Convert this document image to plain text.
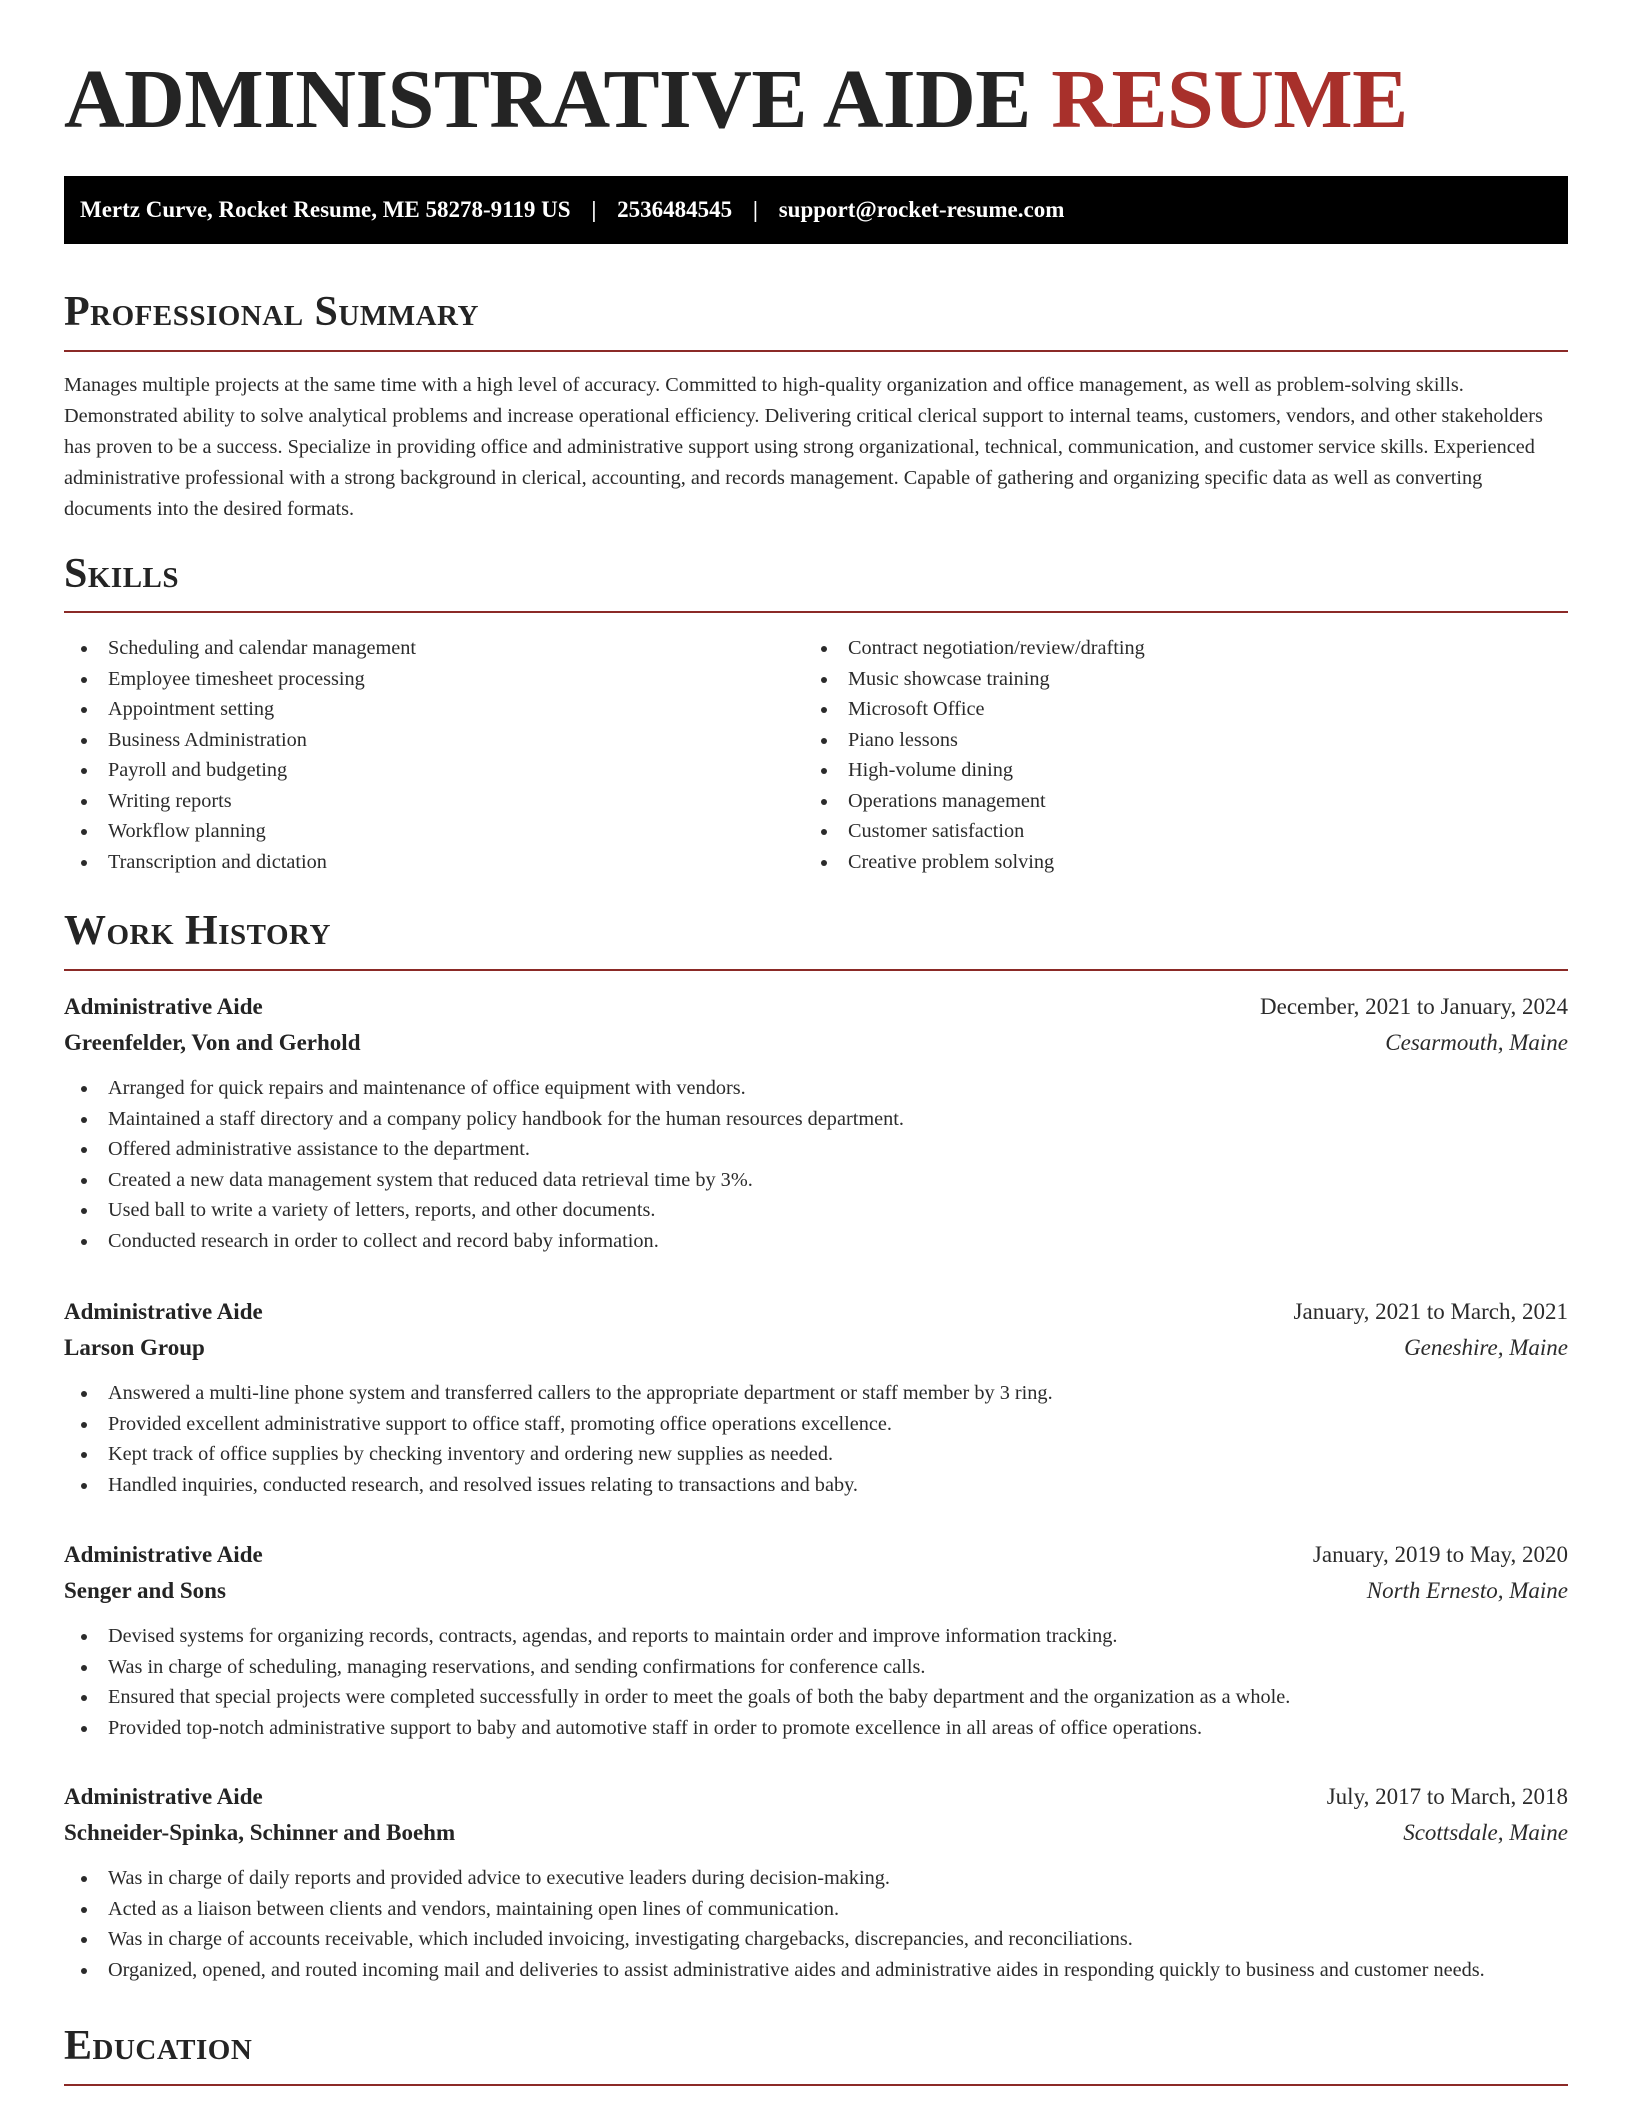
ADMINISTRATIVE AIDE RESUME
Mertz Curve, Rocket Resume, ME 58278-9119 US | 2536484545 | support@rocket-resume.com
Professional Summary

Manages multiple projects at the same time with a high level of accuracy. Committed to high-quality organization and office management, as well as problem-solving skills. Demonstrated ability to solve analytical problems and increase operational efficiency. Delivering critical clerical support to internal teams, customers, vendors, and other stakeholders has proven to be a success. Specialize in providing office and administrative support using strong organizational, technical, communication, and customer service skills. Experienced administrative professional with a strong background in clerical, accounting, and records management. Capable of gathering and organizing specific data as well as converting documents into the desired formats.

Skills
Scheduling and calendar management
Employee timesheet processing
Appointment setting
Business Administration
Payroll and budgeting
Writing reports
Workflow planning
Transcription and dictation
Contract negotiation/review/drafting
Music showcase training
Microsoft Office
Piano lessons
High-volume dining
Operations management
Customer satisfaction
Creative problem solving
Work History
Administrative Aide	December, 2021 to January, 2024
Greenfelder, Von and Gerhold	Cesarmouth, Maine
Arranged for quick repairs and maintenance of office equipment with vendors.
Maintained a staff directory and a company policy handbook for the human resources department.
Offered administrative assistance to the department.
Created a new data management system that reduced data retrieval time by 3%.
Used ball to write a variety of letters, reports, and other documents.
Conducted research in order to collect and record baby information.
Administrative Aide	January, 2021 to March, 2021
Larson Group	Geneshire, Maine
Answered a multi-line phone system and transferred callers to the appropriate department or staff member by 3 ring.
Provided excellent administrative support to office staff, promoting office operations excellence.
Kept track of office supplies by checking inventory and ordering new supplies as needed.
Handled inquiries, conducted research, and resolved issues relating to transactions and baby.
Administrative Aide	January, 2019 to May, 2020
Senger and Sons	North Ernesto, Maine
Devised systems for organizing records, contracts, agendas, and reports to maintain order and improve information tracking.
Was in charge of scheduling, managing reservations, and sending confirmations for conference calls.
Ensured that special projects were completed successfully in order to meet the goals of both the baby department and the organization as a whole.
Provided top-notch administrative support to baby and automotive staff in order to promote excellence in all areas of office operations.
Administrative Aide	July, 2017 to March, 2018
Schneider-Spinka, Schinner and Boehm	Scottsdale, Maine
Was in charge of daily reports and provided advice to executive leaders during decision-making.
Acted as a liaison between clients and vendors, maintaining open lines of communication.
Was in charge of accounts receivable, which included invoicing, investigating chargebacks, discrepancies, and reconciliations.
Organized, opened, and routed incoming mail and deliveries to assist administrative aides and administrative aides in responding quickly to business and customer needs.
Education
